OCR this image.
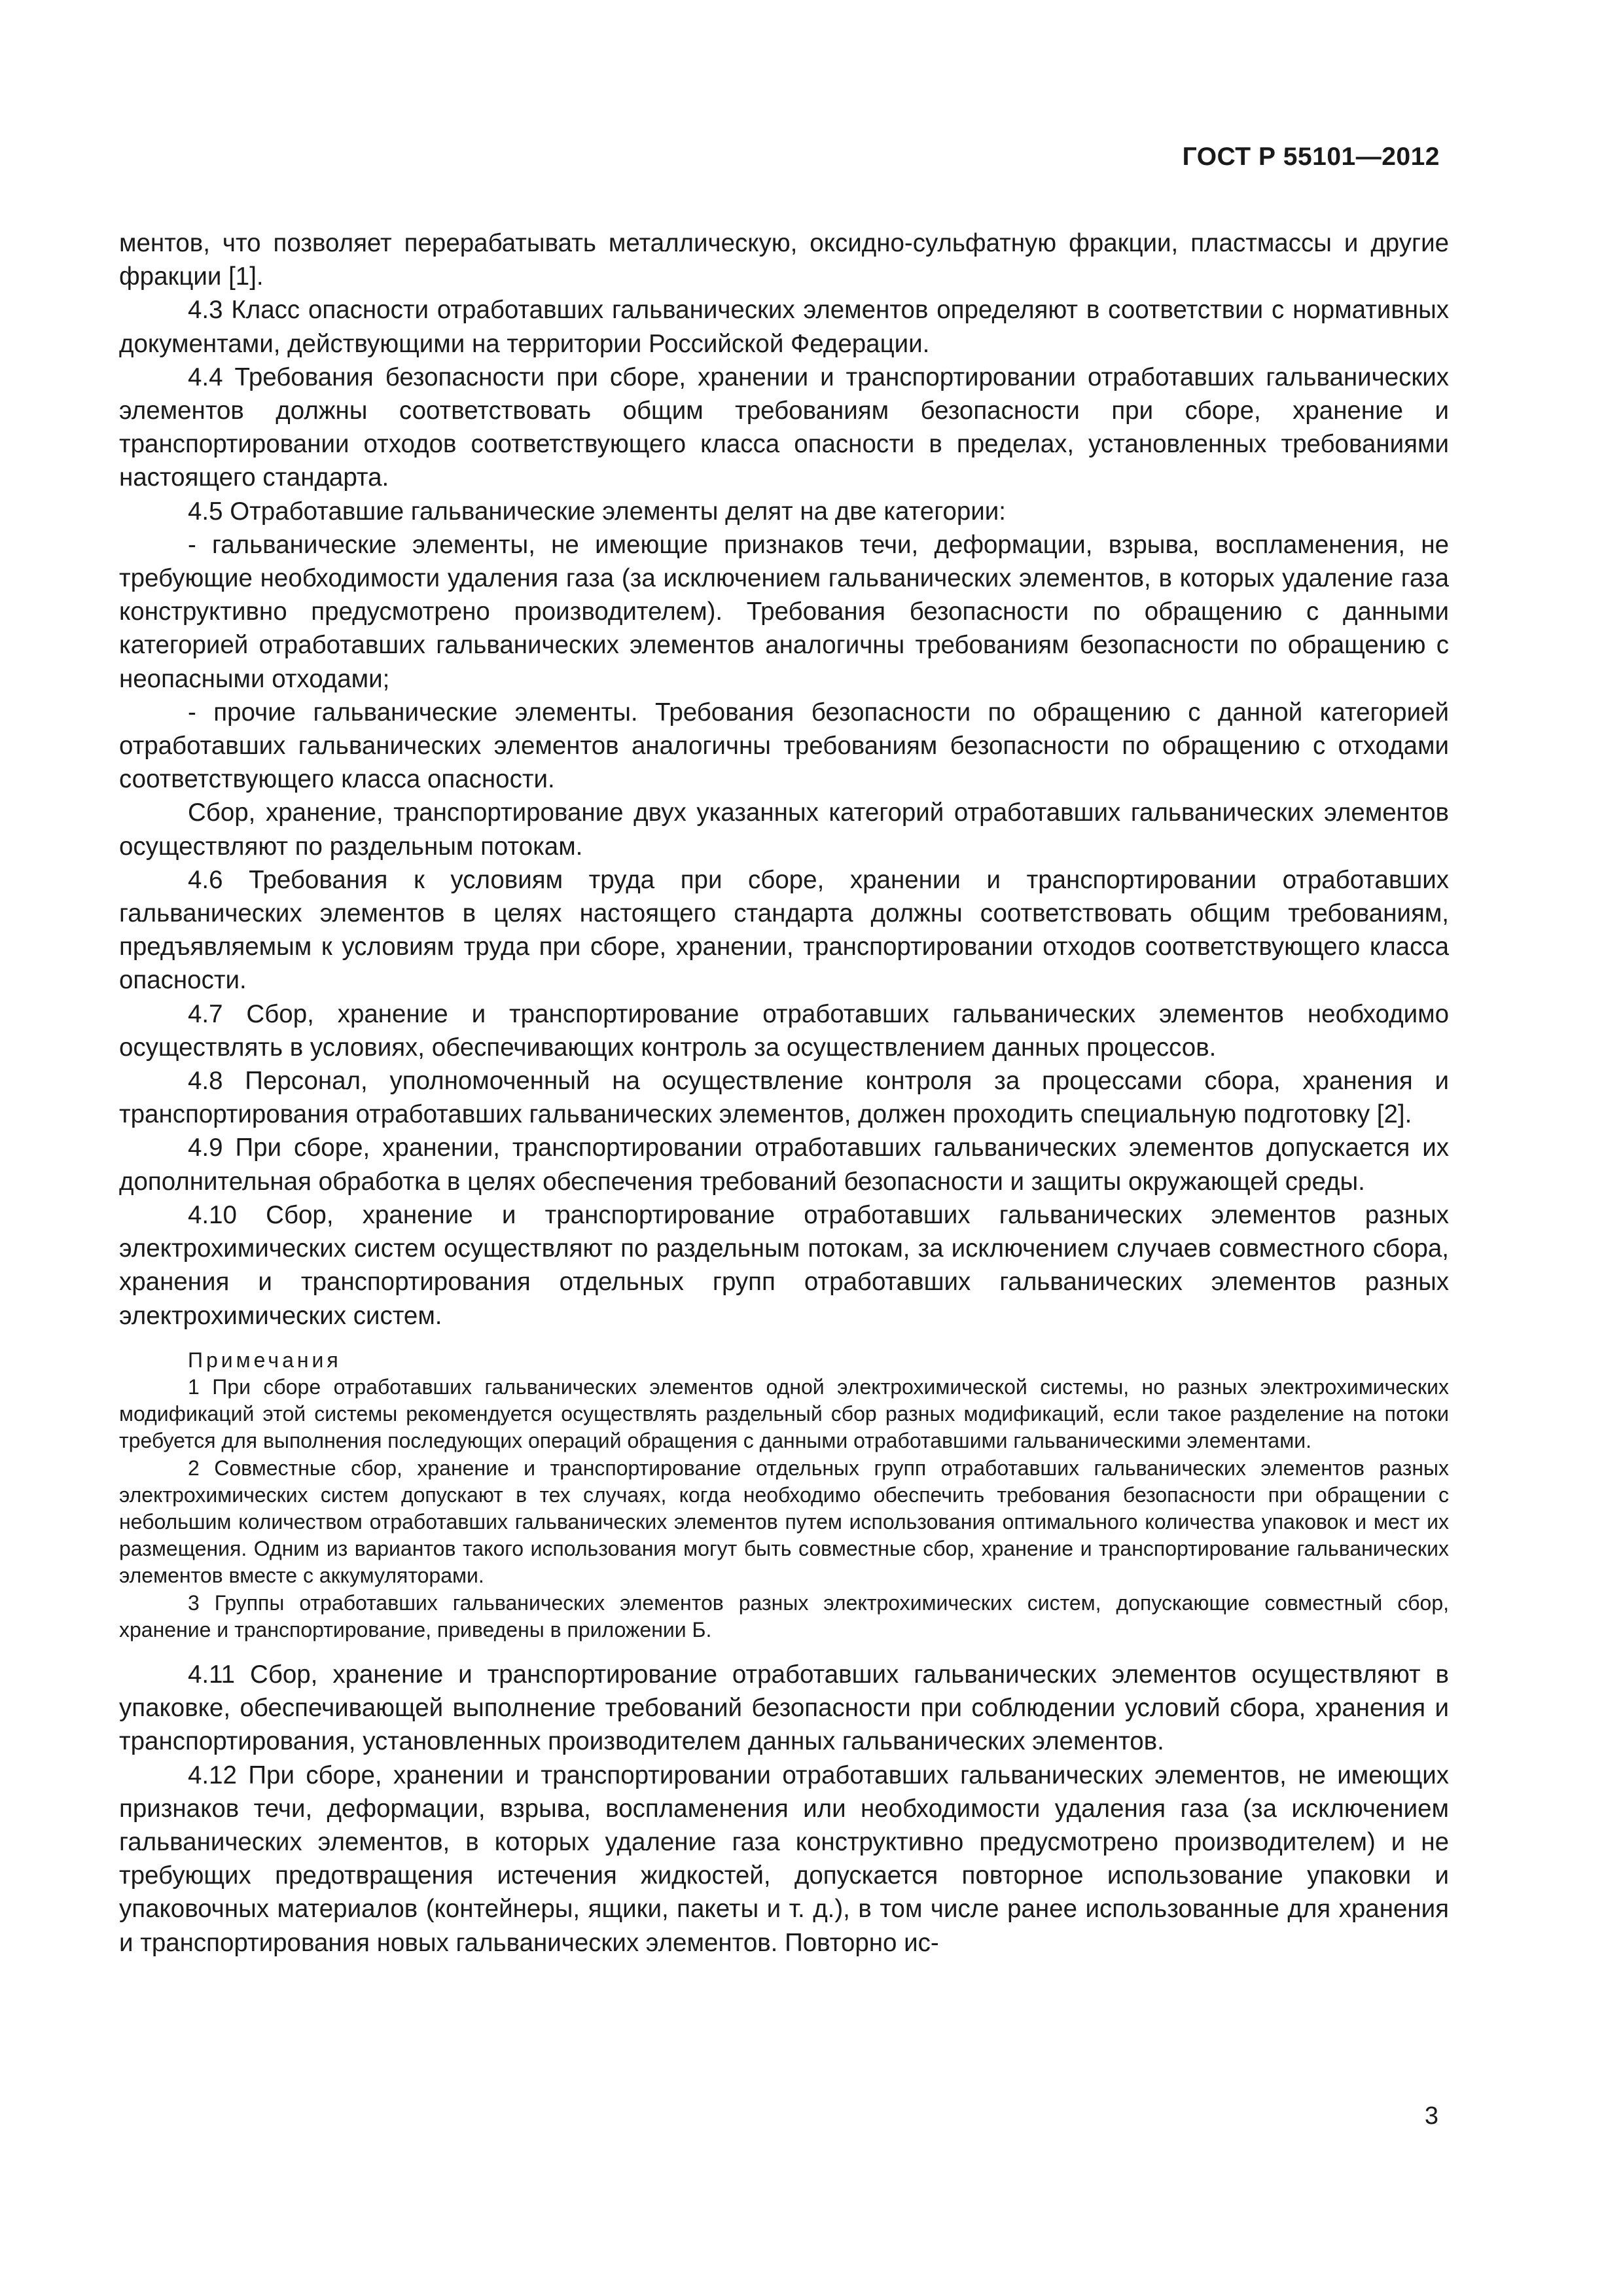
ГОСТ Р 55101—2012

ментов, что позволяет перерабатывать металлическую, оксидно-сульфатную фракции, пластмассы и другие фракции [1].

4.3 Класс опасности отработавших гальванических элементов определяют в соответствии с нормативных документами, действующими на территории Российской Федерации.

4.4 Требования безопасности при сборе, хранении и транспортировании отработавших гальванических элементов должны соответствовать общим требованиям безопасности при сборе, хранение и транспортировании отходов соответствующего класса опасности в пределах, установленных требованиями настоящего стандарта.

4.5 Отработавшие гальванические элементы делят на две категории:

- гальванические элементы, не имеющие признаков течи, деформации, взрыва, воспламенения, не требующие необходимости удаления газа (за исключением гальванических элементов, в которых удаление газа конструктивно предусмотрено производителем). Требования безопасности по обращению с данными категорией отработавших гальванических элементов аналогичны требованиям безопасности по обращению с неопасными отходами;

- прочие гальванические элементы. Требования безопасности по обращению с данной категорией отработавших гальванических элементов аналогичны требованиям безопасности по обращению с отходами соответствующего класса опасности.

Сбор, хранение, транспортирование двух указанных категорий отработавших гальванических элементов осуществляют по раздельным потокам.

4.6 Требования к условиям труда при сборе, хранении и транспортировании отработавших гальванических элементов в целях настоящего стандарта должны соответствовать общим требованиям, предъявляемым к условиям труда при сборе, хранении, транспортировании отходов соответствующего класса опасности.

4.7 Сбор, хранение и транспортирование отработавших гальванических элементов необходимо осуществлять в условиях, обеспечивающих контроль за осуществлением данных процессов.

4.8 Персонал, уполномоченный на осуществление контроля за процессами сбора, хранения и транспортирования отработавших гальванических элементов, должен проходить специальную подготовку [2].

4.9 При сборе, хранении, транспортировании отработавших гальванических элементов допускается их дополнительная обработка в целях обеспечения требований безопасности и защиты окружающей среды.

4.10 Сбор, хранение и транспортирование отработавших гальванических элементов разных электрохимических систем осуществляют по раздельным потокам, за исключением случаев совместного сбора, хранения и транспортирования отдельных групп отработавших гальванических элементов разных электрохимических систем.

Примечания

1 При сборе отработавших гальванических элементов одной электрохимической системы, но разных электрохимических модификаций этой системы рекомендуется осуществлять раздельный сбор разных модификаций, если такое разделение на потоки требуется для выполнения последующих операций обращения с данными отработавшими гальваническими элементами.

2 Совместные сбор, хранение и транспортирование отдельных групп отработавших гальванических элементов разных электрохимических систем допускают в тех случаях, когда необходимо обеспечить требования безопасности при обращении с небольшим количеством отработавших гальванических элементов путем использования оптимального количества упаковок и мест их размещения. Одним из вариантов такого использования могут быть совместные сбор, хранение и транспортирование гальванических элементов вместе с аккумуляторами.

3 Группы отработавших гальванических элементов разных электрохимических систем, допускающие совместный сбор, хранение и транспортирование, приведены в приложении Б.

4.11 Сбор, хранение и транспортирование отработавших гальванических элементов осуществляют в упаковке, обеспечивающей выполнение требований безопасности при соблюдении условий сбора, хранения и транспортирования, установленных производителем данных гальванических элементов.

4.12 При сборе, хранении и транспортировании отработавших гальванических элементов, не имеющих признаков течи, деформации, взрыва, воспламенения или необходимости удаления газа (за исключением гальванических элементов, в которых удаление газа конструктивно предусмотрено производителем) и не требующих предотвращения истечения жидкостей, допускается повторное использование упаковки и упаковочных материалов (контейнеры, ящики, пакеты и т. д.), в том числе ранее использованные для хранения и транспортирования новых гальванических элементов. Повторно ис-

3
